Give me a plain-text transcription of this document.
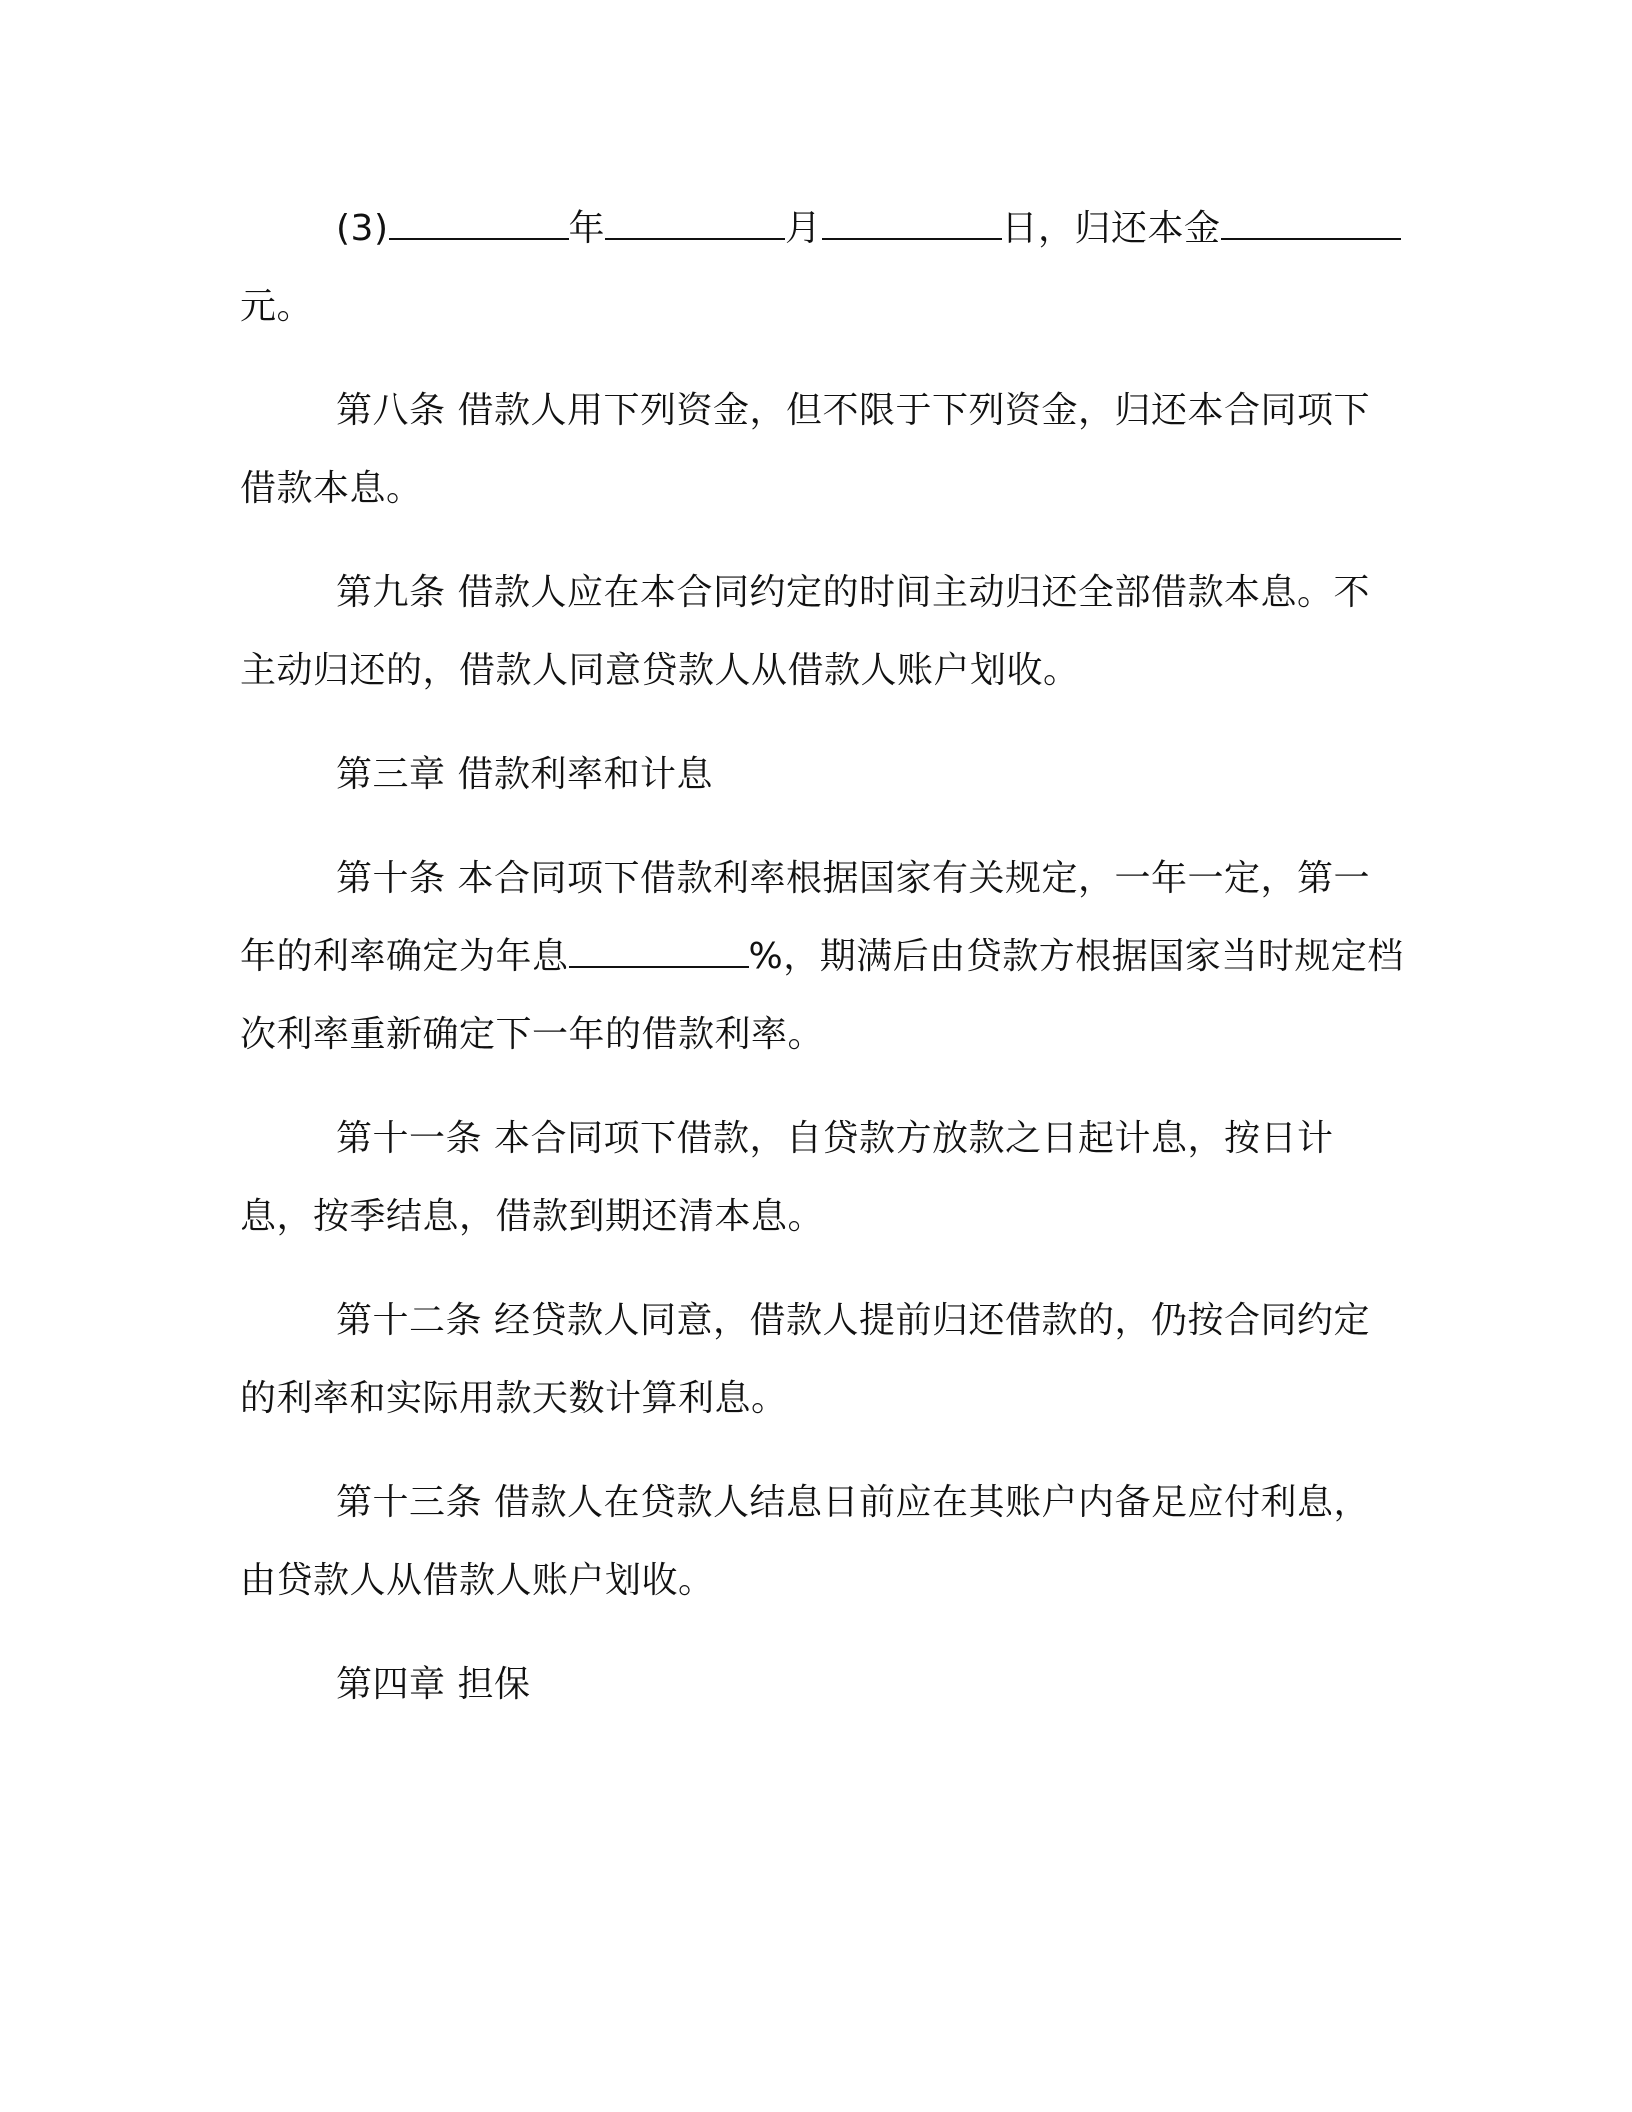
(3)	年	月	日，归还本金元。

第八条 借款人用下列资金，但不限于下列资金，归还本合同项下借款本息。

第九条 借款人应在本合同约定的时间主动归还全部借款本息。不主动归还的，借款人同意贷款人从借款人账户划收。

第三章 借款利率和计息

第十条 本合同项下借款利率根据国家有关规定，一年一定，第一年的利率确定为年息	%，期满后由贷款方根据国家当时规定档次利率重新确定下一年的借款利率。

第十一条 本合同项下借款，自贷款方放款之日起计息，按日计息，按季结息，借款到期还清本息。

第十二条 经贷款人同意，借款人提前归还借款的，仍按合同约定的利率和实际用款天数计算利息。

第十三条 借款人在贷款人结息日前应在其账户内备足应付利息，由贷款人从借款人账户划收。

第四章 担保
